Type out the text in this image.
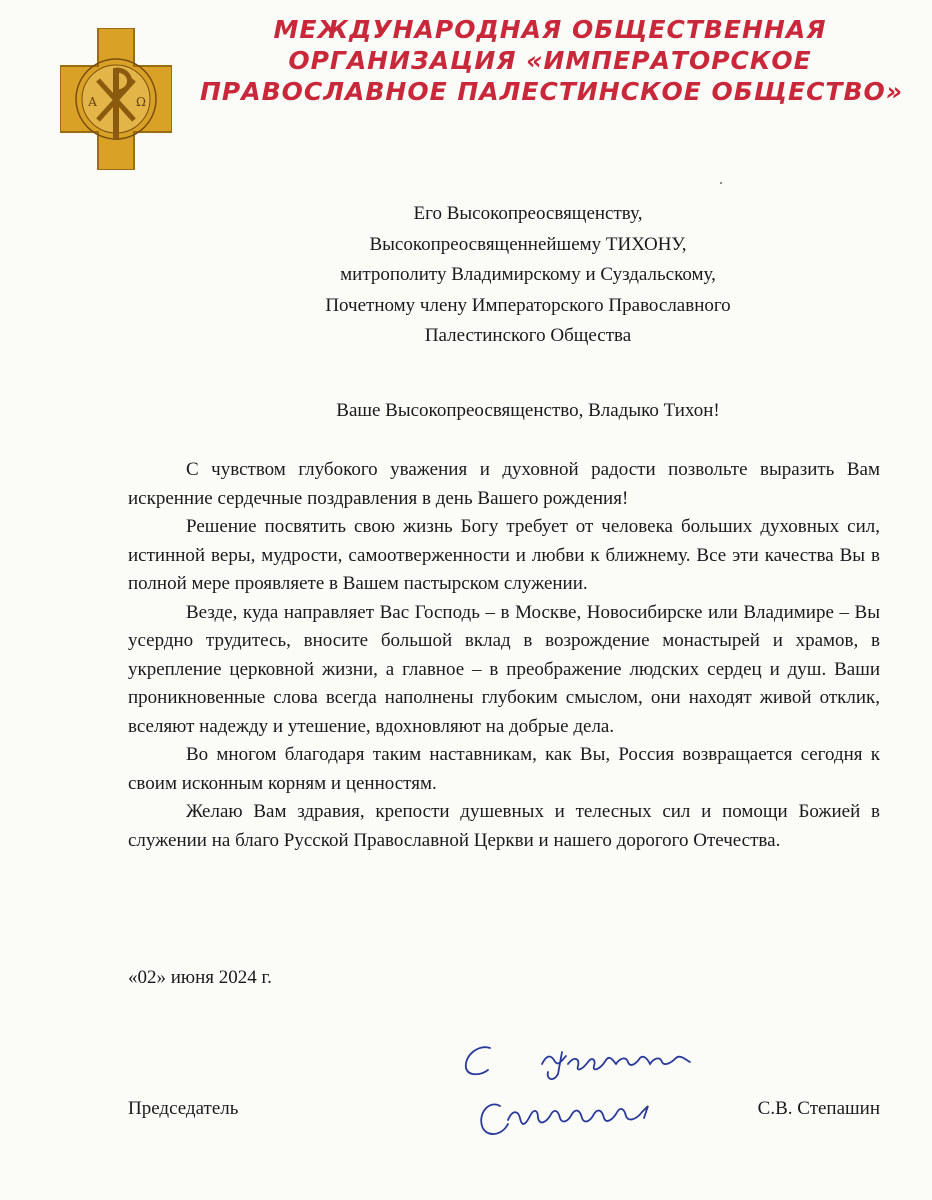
А	Ω
МЕЖДУНАРОДНАЯ ОБЩЕСТВЕННАЯ
ОРГАНИЗАЦИЯ «ИМПЕРАТОРСКОЕ
ПРАВОСЛАВНОЕ ПАЛЕСТИНСКОЕ ОБЩЕСТВО»
Его Высокопреосвященству,
Высокопреосвященнейшему ТИХОНУ,
митрополиту Владимирскому и Суздальскому,
Почетному члену Императорского Православного
Палестинского Общества
Ваше Высокопреосвященство, Владыко Тихон!

С чувством глубокого уважения и духовной радости позвольте выразить Вам искренние сердечные поздравления в день Вашего рождения!

Решение посвятить свою жизнь Богу требует от человека больших духовных сил, истинной веры, мудрости, самоотверженности и любви к ближнему. Все эти качества Вы в полной мере проявляете в Вашем пастырском служении.

Везде, куда направляет Вас Господь – в Москве, Новосибирске или Владимире – Вы усердно трудитесь, вносите большой вклад в возрождение монастырей и храмов, в укрепление церковной жизни, а главное – в преображение людских сердец и душ. Ваши проникновенные слова всегда наполнены глубоким смыслом, они находят живой отклик, вселяют надежду и утешение, вдохновляют на добрые дела.

Во многом благодаря таким наставникам, как Вы, Россия возвращается сегодня к своим исконным корням и ценностям.

Желаю Вам здравия, крепости душевных и телесных сил и помощи Божией в служении на благо Русской Православной Церкви и нашего дорогого Отечества.

«02» июня 2024 г.
Председатель	С.В. Степашин
